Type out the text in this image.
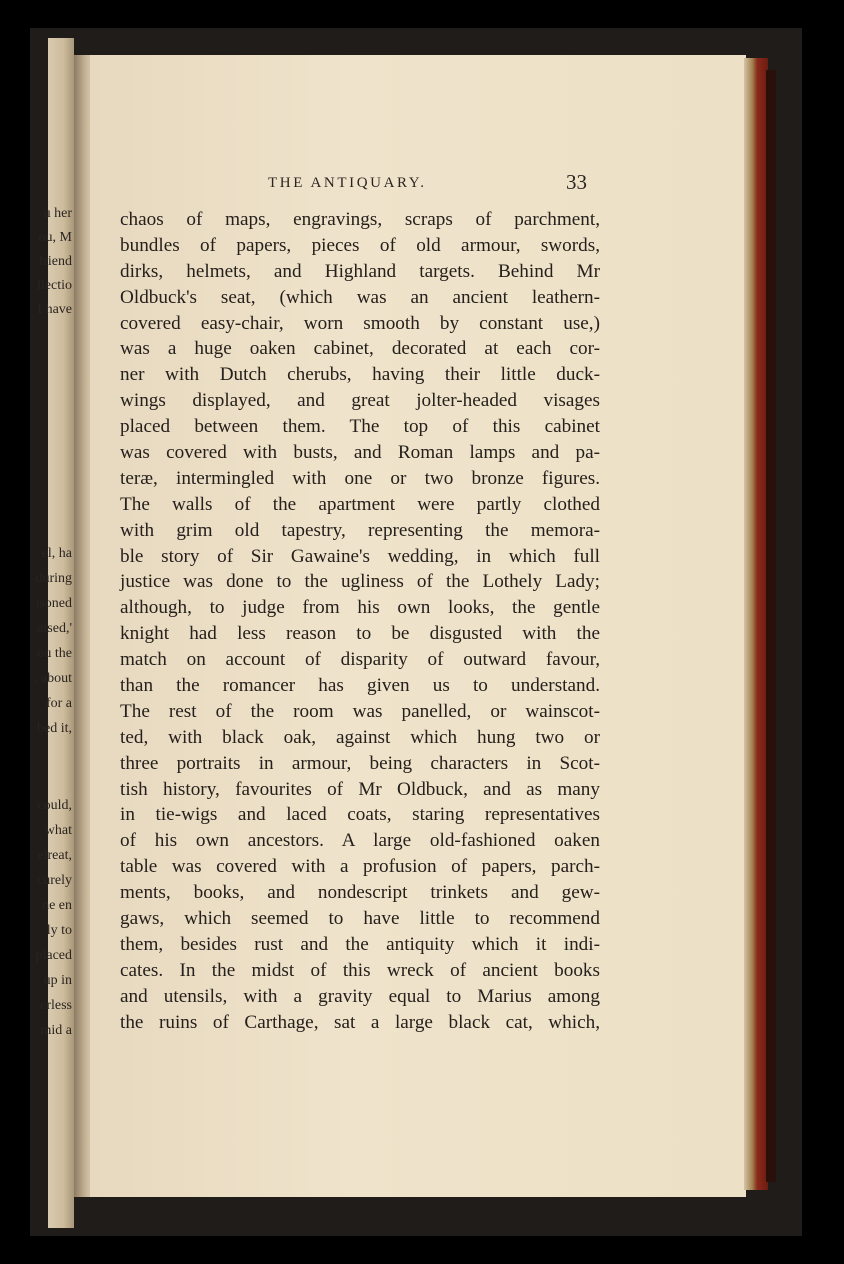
u her
ou, M
friend
llectio
I have
el, ha
during
isoned
aised,'
ou the
, about
for a
bed it,
could,
what
etreat,
curely
ne en
ly to
placed
up in
erless
mid a
THE ANTIQUARY.	33
chaos of maps, engravings, scraps of parchment,
bundles of papers, pieces of old armour, swords,
dirks, helmets, and Highland targets. Behind Mr
Oldbuck's seat, (which was an ancient leathern-
covered easy-chair, worn smooth by constant use,)
was a huge oaken cabinet, decorated at each cor-
ner with Dutch cherubs, having their little duck-
wings displayed, and great jolter-headed visages
placed between them. The top of this cabinet
was covered with busts, and Roman lamps and pa-
teræ, intermingled with one or two bronze figures.
The walls of the apartment were partly clothed
with grim old tapestry, representing the memora-
ble story of Sir Gawaine's wedding, in which full
justice was done to the ugliness of the Lothely Lady;
although, to judge from his own looks, the gentle
knight had less reason to be disgusted with the
match on account of disparity of outward favour,
than the romancer has given us to understand.
The rest of the room was panelled, or wainscot-
ted, with black oak, against which hung two or
three portraits in armour, being characters in Scot-
tish history, favourites of Mr Oldbuck, and as many
in tie-wigs and laced coats, staring representatives
of his own ancestors. A large old-fashioned oaken
table was covered with a profusion of papers, parch-
ments, books, and nondescript trinkets and gew-
gaws, which seemed to have little to recommend
them, besides rust and the antiquity which it indi-
cates. In the midst of this wreck of ancient books
and utensils, with a gravity equal to Marius among
the ruins of Carthage, sat a large black cat, which,
